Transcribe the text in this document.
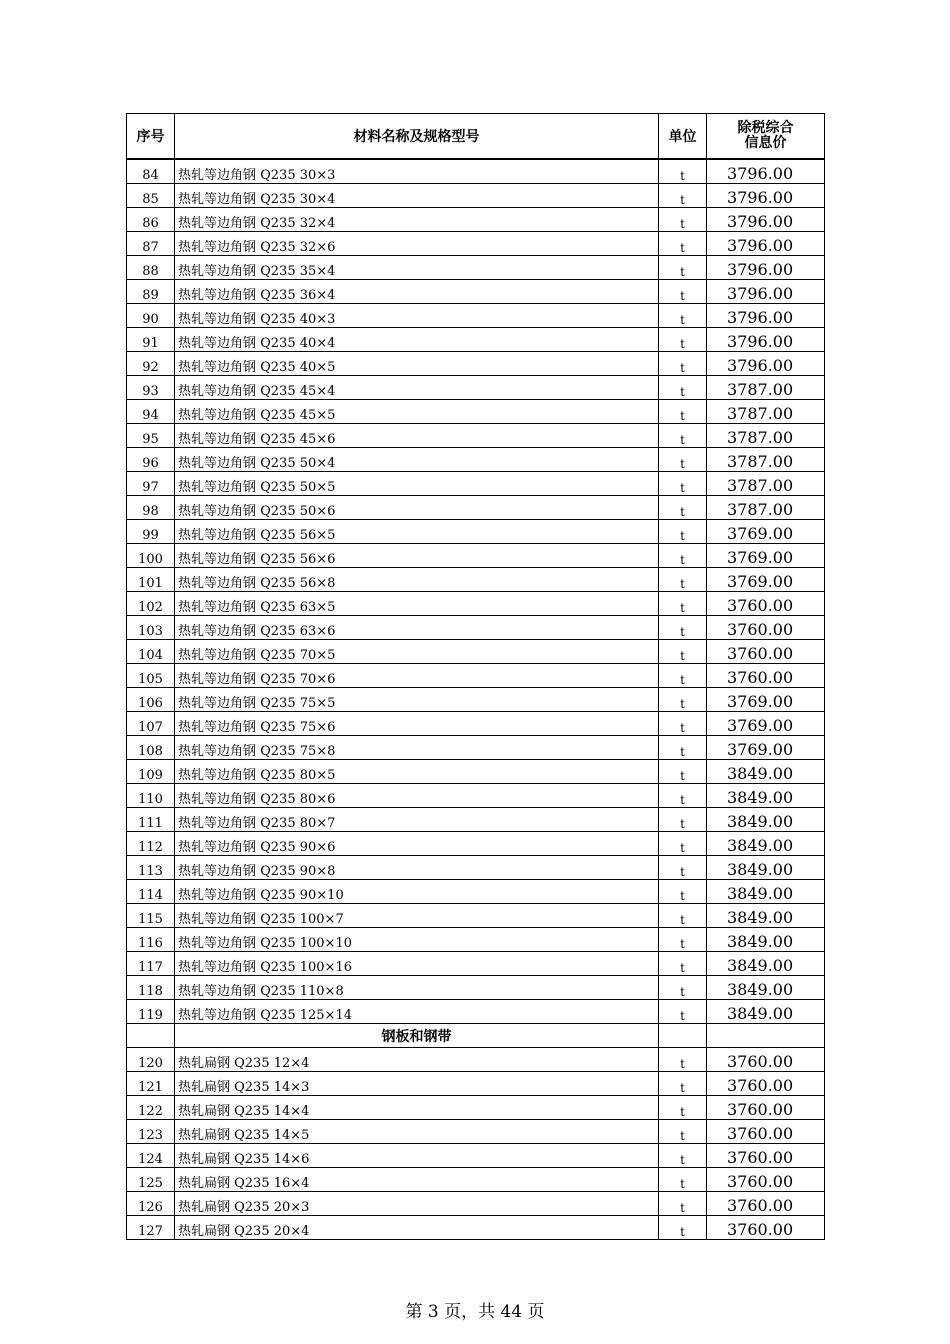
序号	材料名称及规格型号	单位	除税综合
信息价

84	热轧等边角钢 Q235 30×3	t	3796.00
85	热轧等边角钢 Q235 30×4	t	3796.00
86	热轧等边角钢 Q235 32×4	t	3796.00
87	热轧等边角钢 Q235 32×6	t	3796.00
88	热轧等边角钢 Q235 35×4	t	3796.00
89	热轧等边角钢 Q235 36×4	t	3796.00
90	热轧等边角钢 Q235 40×3	t	3796.00
91	热轧等边角钢 Q235 40×4	t	3796.00
92	热轧等边角钢 Q235 40×5	t	3796.00
93	热轧等边角钢 Q235 45×4	t	3787.00
94	热轧等边角钢 Q235 45×5	t	3787.00
95	热轧等边角钢 Q235 45×6	t	3787.00
96	热轧等边角钢 Q235 50×4	t	3787.00
97	热轧等边角钢 Q235 50×5	t	3787.00
98	热轧等边角钢 Q235 50×6	t	3787.00
99	热轧等边角钢 Q235 56×5	t	3769.00
100	热轧等边角钢 Q235 56×6	t	3769.00
101	热轧等边角钢 Q235 56×8	t	3769.00
102	热轧等边角钢 Q235 63×5	t	3760.00
103	热轧等边角钢 Q235 63×6	t	3760.00
104	热轧等边角钢 Q235 70×5	t	3760.00
105	热轧等边角钢 Q235 70×6	t	3760.00
106	热轧等边角钢 Q235 75×5	t	3769.00
107	热轧等边角钢 Q235 75×6	t	3769.00
108	热轧等边角钢 Q235 75×8	t	3769.00
109	热轧等边角钢 Q235 80×5	t	3849.00
110	热轧等边角钢 Q235 80×6	t	3849.00
111	热轧等边角钢 Q235 80×7	t	3849.00
112	热轧等边角钢 Q235 90×6	t	3849.00
113	热轧等边角钢 Q235 90×8	t	3849.00
114	热轧等边角钢 Q235 90×10	t	3849.00
115	热轧等边角钢 Q235 100×7	t	3849.00
116	热轧等边角钢 Q235 100×10	t	3849.00
117	热轧等边角钢 Q235 100×16	t	3849.00
118	热轧等边角钢 Q235 110×8	t	3849.00
119	热轧等边角钢 Q235 125×14	t	3849.00
	钢板和钢带		
120	热轧扁钢 Q235 12×4	t	3760.00
121	热轧扁钢 Q235 14×3	t	3760.00
122	热轧扁钢 Q235 14×4	t	3760.00
123	热轧扁钢 Q235 14×5	t	3760.00
124	热轧扁钢 Q235 14×6	t	3760.00
125	热轧扁钢 Q235 16×4	t	3760.00
126	热轧扁钢 Q235 20×3	t	3760.00
127	热轧扁钢 Q235 20×4	t	3760.00
第 3 页，共 44 页
